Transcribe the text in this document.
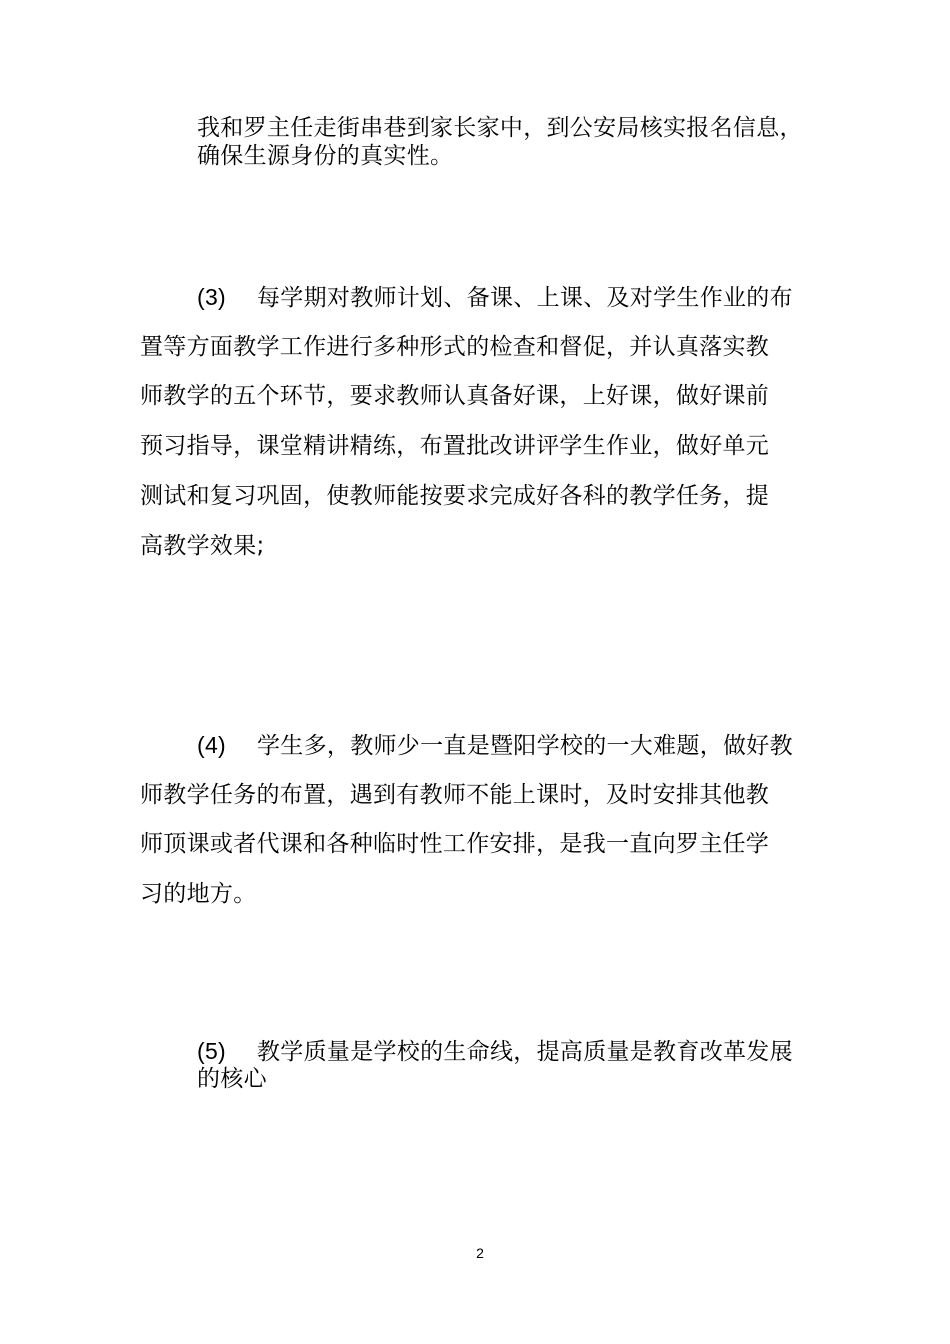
我和罗主任走街串巷到家长家中，到公安局核实报名信息，
确保生源身份的真实性。
(3) 每学期对教师计划、备课、上课、及对学生作业的布
置等方面教学工作进行多种形式的检查和督促，并认真落实教
师教学的五个环节，要求教师认真备好课，上好课，做好课前
预习指导，课堂精讲精练，布置批改讲评学生作业，做好单元
测试和复习巩固，使教师能按要求完成好各科的教学任务，提
高教学效果;
(4) 学生多，教师少一直是暨阳学校的一大难题，做好教
师教学任务的布置，遇到有教师不能上课时，及时安排其他教
师顶课或者代课和各种临时性工作安排，是我一直向罗主任学
习的地方。
(5) 教学质量是学校的生命线，提高质量是教育改革发展
的核心
2
